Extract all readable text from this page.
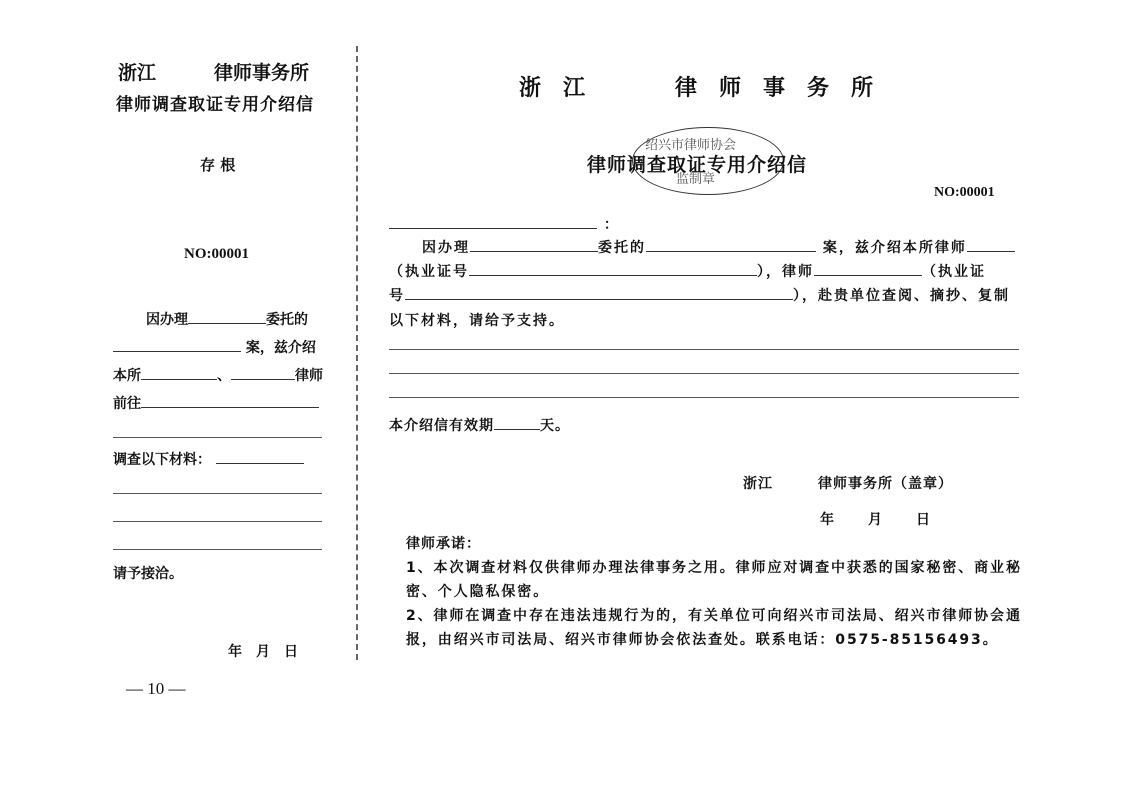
浙江	律师事务所
律师调查取证专用介绍信
存 根
NO:00001
因办理	委托的
案，兹介绍
本所	、	律师
前往
调查以下材料：
请予接洽。
年　月　日
— 10 —
浙　江	律　师　事　务　所
绍兴市律师协会
律师调查取证专用介绍信
监制章
NO:00001
：
因办理	委托的	案，兹介绍本所律师
（执业证号	），律师	（执业证
号	），赴贵单位查阅、摘抄、复制
以下材料，请给予支持。
本介绍信有效期	天。
浙江　　　律师事务所（盖章）
年　　月　　日
律师承诺：
1、本次调查材料仅供律师办理法律事务之用。律师应对调查中获悉的国家秘密、商业秘
密、个人隐私保密。
2、律师在调查中存在违法违规行为的，有关单位可向绍兴市司法局、绍兴市律师协会通
报，由绍兴市司法局、绍兴市律师协会依法查处。联系电话：0575-85156493。
